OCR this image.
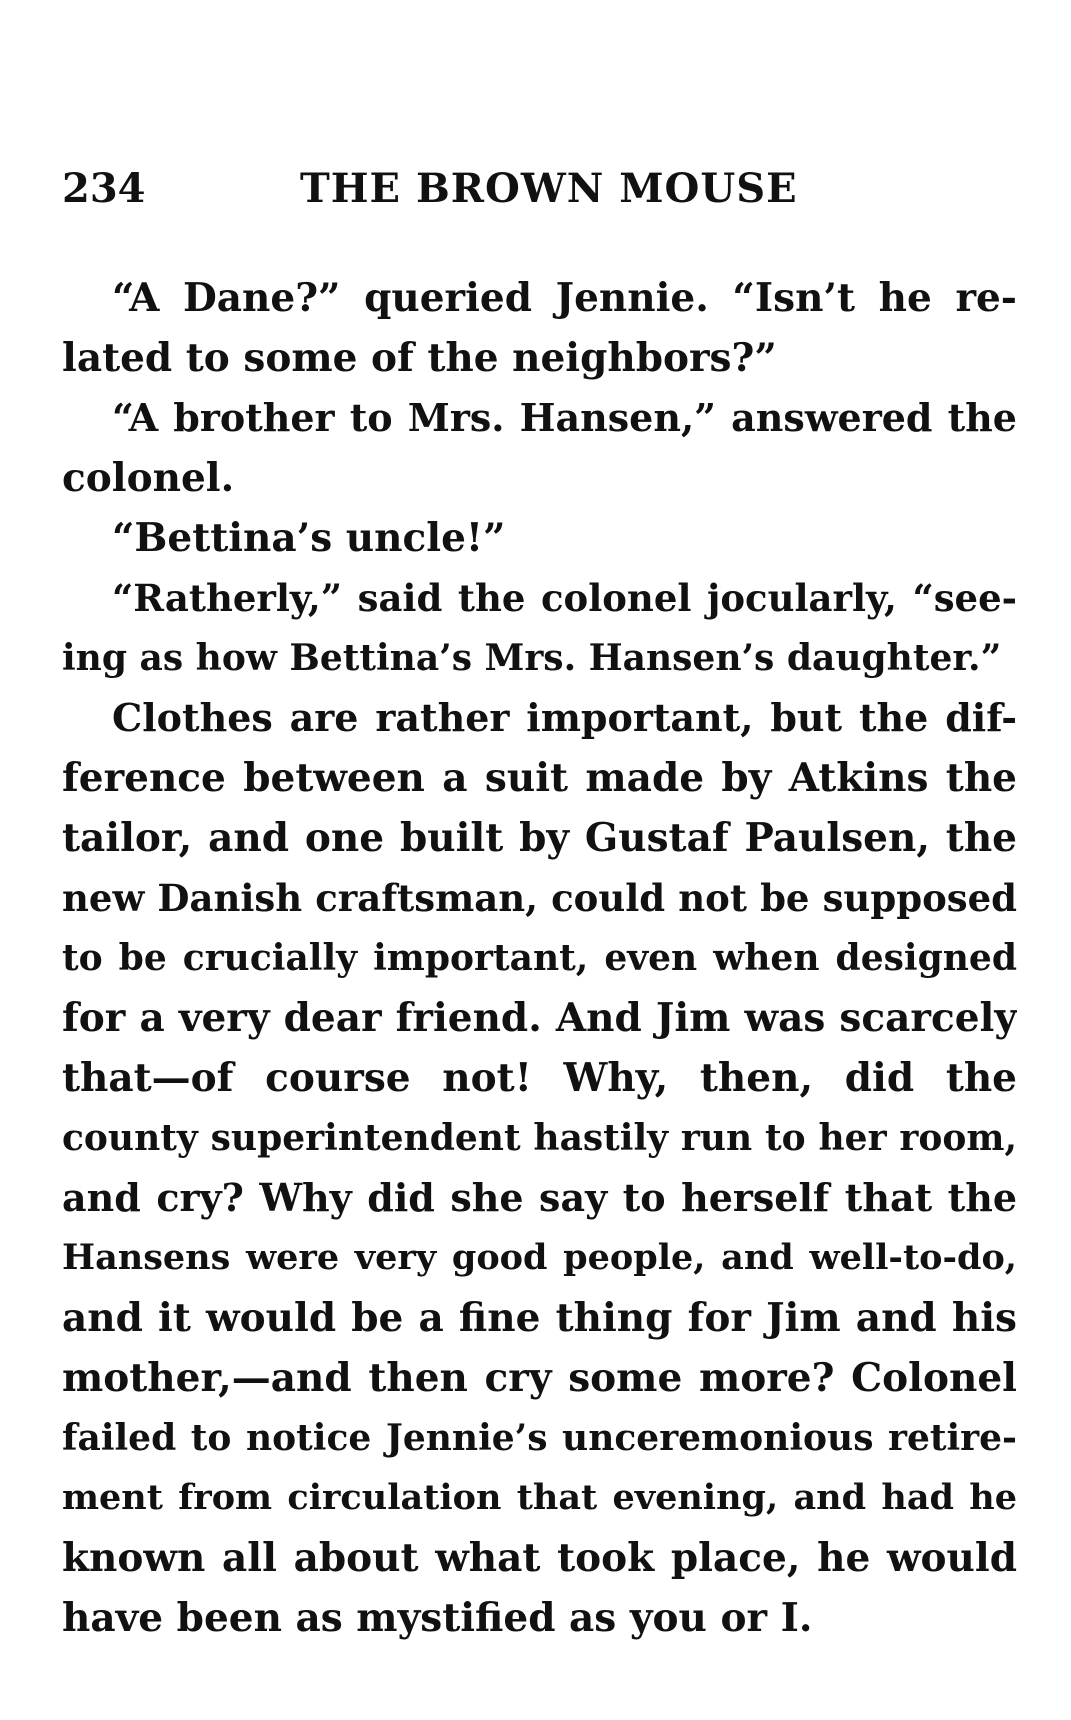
234	THE BROWN MOUSE
“A Dane?” queried Jennie. “Isn’t he re-
lated to some of the neighbors?”
“A brother to Mrs. Hansen,” answered the
colonel.
“Bettina’s uncle!”
“Ratherly,” said the colonel jocularly, “see-
ing as how Bettina’s Mrs. Hansen’s daughter.”
Clothes are rather important, but the dif-
ference between a suit made by Atkins the
tailor, and one built by Gustaf Paulsen, the
new Danish craftsman, could not be supposed
to be crucially important, even when designed
for a very dear friend. And Jim was scarcely
that—of course not! Why, then, did the
county superintendent hastily run to her room,
and cry? Why did she say to herself that the
Hansens were very good people, and well-to-do,
and it would be a fine thing for Jim and his
mother,—and then cry some more? Colonel
failed to notice Jennie’s unceremonious retire-
ment from circulation that evening, and had he
known all about what took place, he would
have been as mystified as you or I.
